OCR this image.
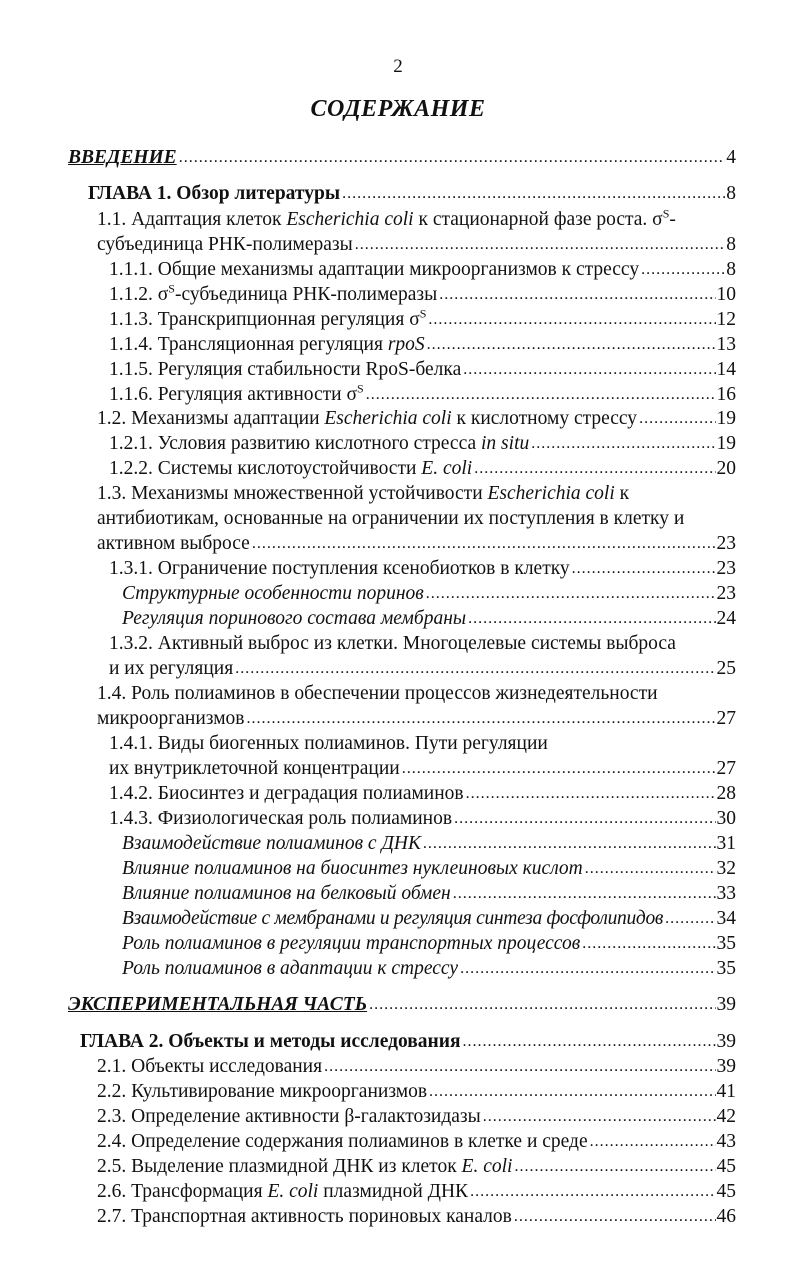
2
СОДЕРЖАНИЕ
ВВЕДЕНИЕ .....	4
ГЛАВА 1. Обзор литературы .....	8
1.1. Адаптация клеток Escherichia coli к стационарной фазе роста. $\sigma^S-$
субъединица РНК-полимеразы .....	8
1.1.1. Общие механизмы адаптации микроорганизмов к стрессу .....	8
1.1.2. $\sigma^S$-субъединица РНК-полимеразы .....	10
1.1.3. Транскрипционная регуляция $\sigma^S$ .....	12
1.1.4. Трансляционная регуляция rpoS .....	13
1.1.5. Регуляция стабильности RpoS-белка .....	14
1.1.6. Регуляция активности $\sigma^S$ .....	16
1.2. Механизмы адаптации Escherichia coli к кислотному стрессу .....	19
1.2.1. Условия развитию кислотного стресса in situ .....	19
1.2.2. Системы кислотоустойчивости E. coli .....	20
1.3. Механизмы множественной устойчивости Escherichia coli к
антибиотикам, основанные на ограничении их поступления в клетку и
активном выбросе .....	23
1.3.1. Ограничение поступления ксенобиотков в клетку .....	23
Структурные особенности поринов .....	23
Регуляция поринового состава мембраны .....	24
1.3.2. Активный выброс из клетки. Многоцелевые системы выброса
и их регуляция .....	25
1.4. Роль полиаминов в обеспечении процессов жизнедеятельности
микроорганизмов .....	27
1.4.1. Виды биогенных полиаминов. Пути регуляции
их внутриклеточной концентрации .....	27
1.4.2. Биосинтез и деградация полиаминов .....	28
1.4.3. Физиологическая роль полиаминов .....	30
Взаимодействие полиаминов с ДНК .....	31
Влияние полиаминов на биосинтез нуклеиновых кислот .....	32
Влияние полиаминов на белковый обмен .....	33
Взаимодействие с мембранами и регуляция синтеза фосфолипидов .....	34
Роль полиаминов в регуляции транспортных процессов .....	35
Роль полиаминов в адаптации к стрессу .....	35
ЭКСПЕРИМЕНТАЛЬНАЯ ЧАСТЬ .....	39
ГЛАВА 2. Объекты и методы исследования .....	39
2.1. Объекты исследования .....	39
2.2. Культивирование микроорганизмов .....	41
2.3. Определение активности β-галактозидазы .....	42
2.4. Определение содержания полиаминов в клетке и среде .....	43
2.5. Выделение плазмидной ДНК из клеток E. coli .....	45
2.6. Трансформация E. coli плазмидной ДНК .....	45
2.7. Транспортная активность пориновых каналов .....	46
